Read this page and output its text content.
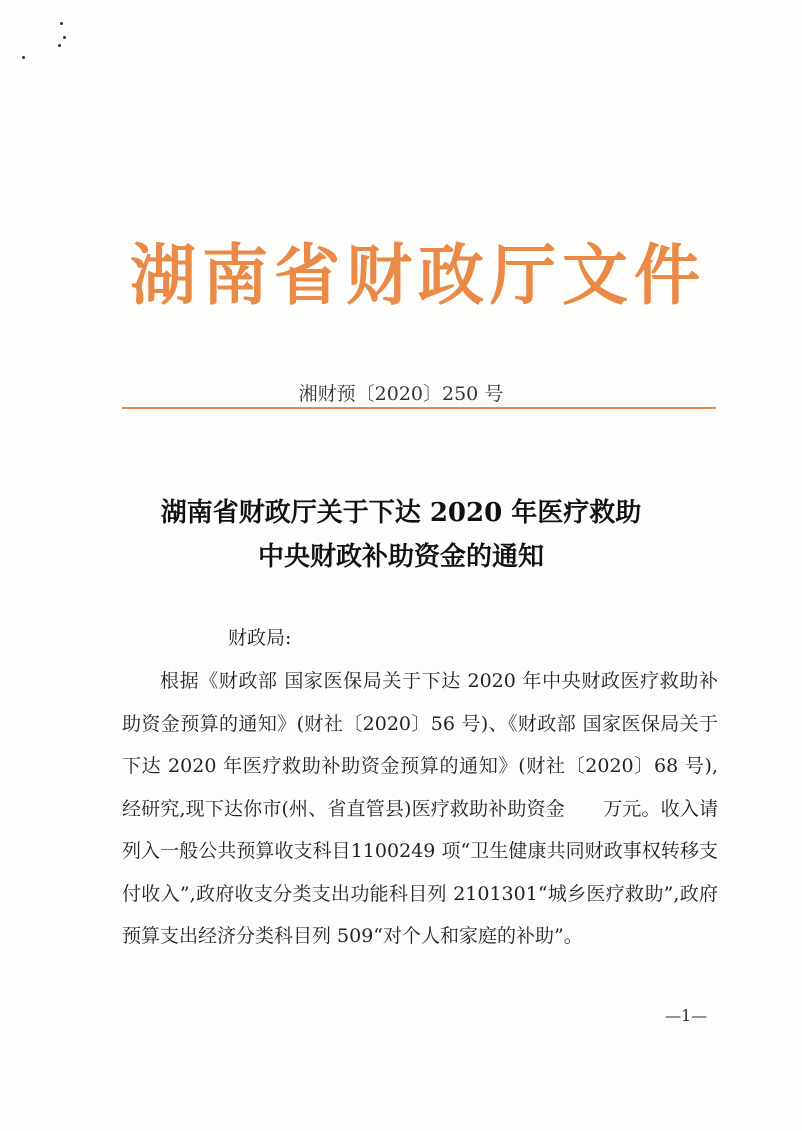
湖南省财政厅文件
湘财预〔2020〕250 号
湖南省财政厅关于下达 2020 年医疗救助
中央财政补助资金的通知
财政局:
根据《财政部 国家医保局关于下达 2020 年中央财政医疗救助补助资金预算的通知》(财社〔2020〕56 号)、《财政部 国家医保局关于下达 2020 年医疗救助补助资金预算的通知》(财社〔2020〕68 号),经研究,现下达你市(州、省直管县)医疗救助补助资金　　万元。收入请列入一般公共预算收支科目1100249 项“卫生健康共同财政事权转移支付收入”,政府收支分类支出功能科目列 2101301“城乡医疗救助”,政府预算支出经济分类科目列 509“对个人和家庭的补助”。
—1—
